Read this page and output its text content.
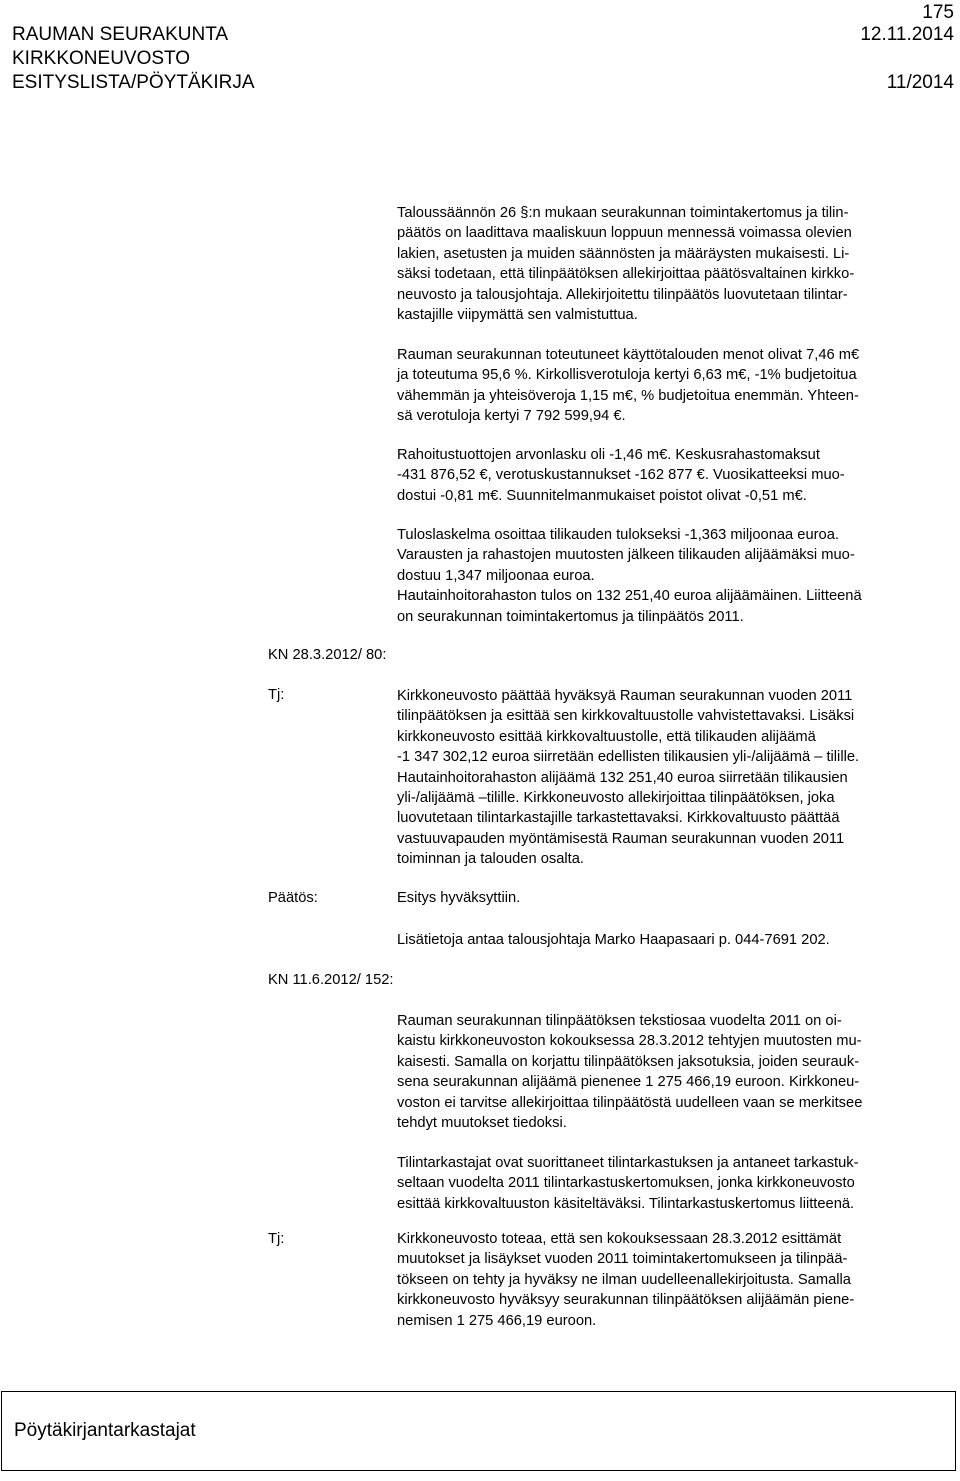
175
RAUMAN SEURAKUNTA	12.11.2014
KIRKKONEUVOSTO
ESITYSLISTA/PÖYTÄKIRJA	11/2014
Taloussäännön 26 §:n mukaan seurakunnan toimintakertomus ja tilin-
päätös on laadittava maaliskuun loppuun mennessä voimassa olevien
lakien, asetusten ja muiden säännösten ja määräysten mukaisesti. Li-
säksi todetaan, että tilinpäätöksen allekirjoittaa päätösvaltainen kirkko-
neuvosto ja talousjohtaja. Allekirjoitettu tilinpäätös luovutetaan tilintar-
kastajille viipymättä sen valmistuttua.
Rauman seurakunnan toteutuneet käyttötalouden menot olivat 7,46 m€
ja toteutuma 95,6 %. Kirkollisverotuloja kertyi 6,63 m€, -1% budjetoitua
vähemmän ja yhteisöveroja 1,15 m€, % budjetoitua enemmän. Yhteen-
sä verotuloja kertyi 7 792 599,94 €.
Rahoitustuottojen arvonlasku oli -1,46 m€. Keskusrahastomaksut
-431 876,52 €, verotuskustannukset -162 877 €. Vuosikatteeksi muo-
dostui -0,81 m€. Suunnitelmanmukaiset poistot olivat -0,51 m€.
Tuloslaskelma osoittaa tilikauden tulokseksi -1,363 miljoonaa euroa.
Varausten ja rahastojen muutosten jälkeen tilikauden alijäämäksi muo-
dostuu 1,347 miljoonaa euroa.
Hautainhoitorahaston tulos on 132 251,40 euroa alijäämäinen. Liitteenä
on seurakunnan toimintakertomus ja tilinpäätös 2011.
KN 28.3.2012/ 80:
Tj:	Kirkkoneuvosto päättää hyväksyä Rauman seurakunnan vuoden 2011
tilinpäätöksen ja esittää sen kirkkovaltuustolle vahvistettavaksi. Lisäksi
kirkkoneuvosto esittää kirkkovaltuustolle, että tilikauden alijäämä
-1 347 302,12 euroa siirretään edellisten tilikausien yli-/alijäämä – tilille.
Hautainhoitorahaston alijäämä 132 251,40 euroa siirretään tilikausien
yli-/alijäämä –tilille. Kirkkoneuvosto allekirjoittaa tilinpäätöksen, joka
luovutetaan tilintarkastajille tarkastettavaksi. Kirkkovaltuusto päättää
vastuuvapauden myöntämisestä Rauman seurakunnan vuoden 2011
toiminnan ja talouden osalta.
Päätös:	Esitys hyväksyttiin.
Lisätietoja antaa talousjohtaja Marko Haapasaari p. 044-7691 202.
KN 11.6.2012/ 152:
Rauman seurakunnan tilinpäätöksen tekstiosaa vuodelta 2011 on oi-
kaistu kirkkoneuvoston kokouksessa 28.3.2012 tehtyjen muutosten mu-
kaisesti. Samalla on korjattu tilinpäätöksen jaksotuksia, joiden seurauk-
sena seurakunnan alijäämä pienenee 1 275 466,19 euroon. Kirkkoneu-
voston ei tarvitse allekirjoittaa tilinpäätöstä uudelleen vaan se merkitsee
tehdyt muutokset tiedoksi.
Tilintarkastajat ovat suorittaneet tilintarkastuksen ja antaneet tarkastuk-
seltaan vuodelta 2011 tilintarkastuskertomuksen, jonka kirkkoneuvosto
esittää kirkkovaltuuston käsiteltäväksi. Tilintarkastuskertomus liitteenä.
Tj:	Kirkkoneuvosto toteaa, että sen kokouksessaan 28.3.2012 esittämät
muutokset ja lisäykset vuoden 2011 toimintakertomukseen ja tilinpää-
tökseen on tehty ja hyväksy ne ilman uudelleenallekirjoitusta. Samalla
kirkkoneuvosto hyväksyy seurakunnan tilinpäätöksen alijäämän piene-
nemisen 1 275 466,19 euroon.
Pöytäkirjantarkastajat
